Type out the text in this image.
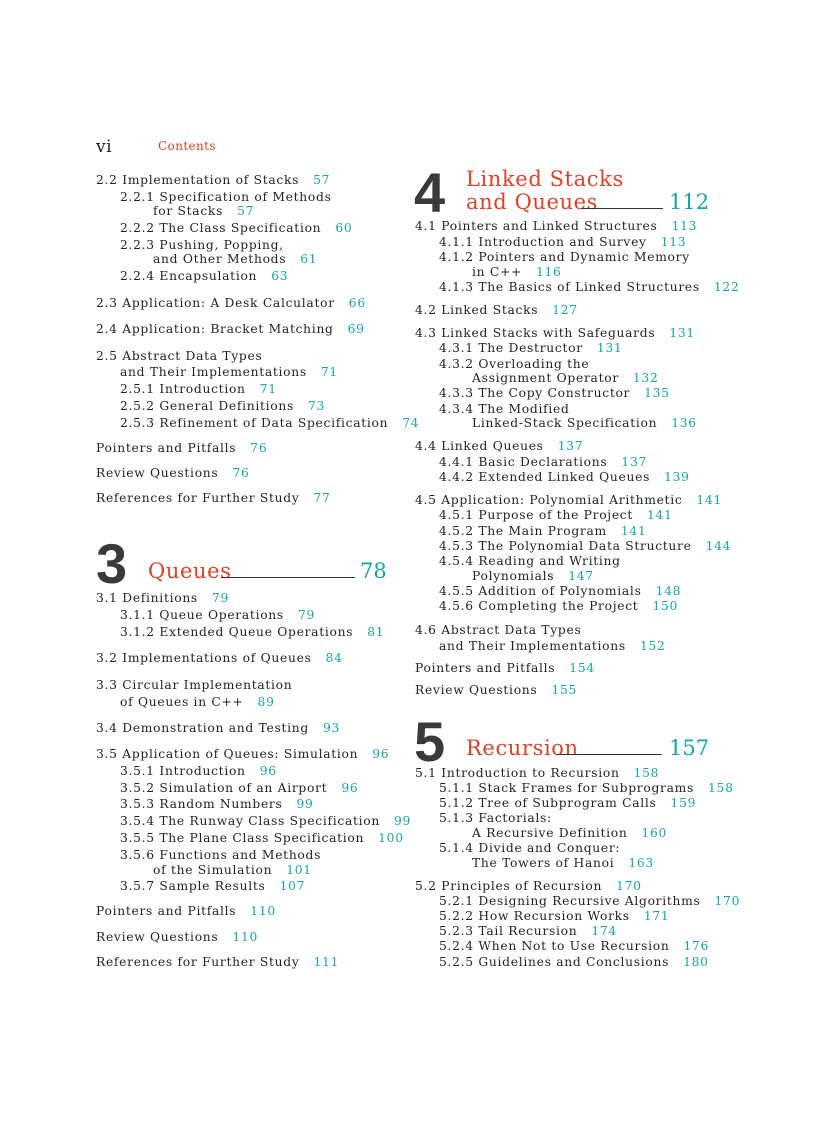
vi	Contents
3 Queues	78
4 Linked Stacks
and Queues	112
5 Recursion	157
2.2 Implementation of Stacks 57
2.2.1 Specification of Methods
for Stacks 57
2.2.2 The Class Specification 60
2.2.3 Pushing, Popping,
and Other Methods 61
2.2.4 Encapsulation 63
2.3 Application: A Desk Calculator 66
2.4 Application: Bracket Matching 69
2.5 Abstract Data Types
and Their Implementations 71
2.5.1 Introduction 71
2.5.2 General Definitions 73
2.5.3 Refinement of Data Specification 74
Pointers and Pitfalls 76
Review Questions 76
References for Further Study 77
3.1 Definitions 79
3.1.1 Queue Operations 79
3.1.2 Extended Queue Operations 81
3.2 Implementations of Queues 84
3.3 Circular Implementation
of Queues in C++ 89
3.4 Demonstration and Testing 93
3.5 Application of Queues: Simulation 96
3.5.1 Introduction 96
3.5.2 Simulation of an Airport 96
3.5.3 Random Numbers 99
3.5.4 The Runway Class Specification 99
3.5.5 The Plane Class Specification 100
3.5.6 Functions and Methods
of the Simulation 101
3.5.7 Sample Results 107
Pointers and Pitfalls 110
Review Questions 110
References for Further Study 111
4.1 Pointers and Linked Structures 113
4.1.1 Introduction and Survey 113
4.1.2 Pointers and Dynamic Memory
in C++ 116
4.1.3 The Basics of Linked Structures 122
4.2 Linked Stacks 127
4.3 Linked Stacks with Safeguards 131
4.3.1 The Destructor 131
4.3.2 Overloading the
Assignment Operator 132
4.3.3 The Copy Constructor 135
4.3.4 The Modified
Linked-Stack Specification 136
4.4 Linked Queues 137
4.4.1 Basic Declarations 137
4.4.2 Extended Linked Queues 139
4.5 Application: Polynomial Arithmetic 141
4.5.1 Purpose of the Project 141
4.5.2 The Main Program 141
4.5.3 The Polynomial Data Structure 144
4.5.4 Reading and Writing
Polynomials 147
4.5.5 Addition of Polynomials 148
4.5.6 Completing the Project 150
4.6 Abstract Data Types
and Their Implementations 152
Pointers and Pitfalls 154
Review Questions 155
5.1 Introduction to Recursion 158
5.1.1 Stack Frames for Subprograms 158
5.1.2 Tree of Subprogram Calls 159
5.1.3 Factorials:
A Recursive Definition 160
5.1.4 Divide and Conquer:
The Towers of Hanoi 163
5.2 Principles of Recursion 170
5.2.1 Designing Recursive Algorithms 170
5.2.2 How Recursion Works 171
5.2.3 Tail Recursion 174
5.2.4 When Not to Use Recursion 176
5.2.5 Guidelines and Conclusions 180
